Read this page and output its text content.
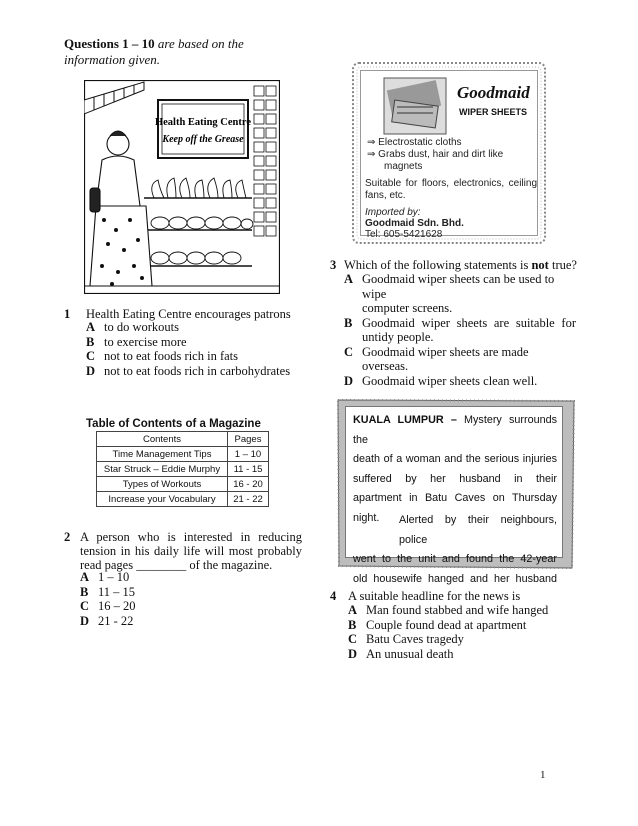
Questions 1 – 10 are based on the information given.
Health Eating Centre
Keep off the Grease
1 Health Eating Centre encourages patrons
A to do workouts
B to exercise more
C not to eat foods rich in fats
D not to eat foods rich in carbohydrates
Table of Contents of a Magazine
Contents	Pages
Time Management Tips	1 – 10
Star Struck – Eddie Murphy	11 - 15
Types of Workouts	16 - 20
Increase your Vocabulary	21 - 22
2 A person who is interested in reducing
tension in his daily life will most probably
read pages ________ of the magazine.
A 1 – 10
B 11 – 15
C 16 – 20
D 21 - 22
Goodmaid
WIPER SHEETS
⇒ Electrostatic cloths
⇒ Grabs dust, hair and dirt like
magnets
Suitable for floors, electronics, ceiling
fans, etc.
Imported by:
Goodmaid Sdn. Bhd.
Tel: 605-5421628
3 Which of the following statements is not true?
A Goodmaid wiper sheets can be used to wipe
computer screens.
B Goodmaid wiper sheets are suitable for
untidy people.
C Goodmaid wiper sheets are made overseas.
D Goodmaid wiper sheets clean well.
KUALA LUMPUR – Mystery surrounds the
death of a woman and the serious injuries
suffered by her husband in their
apartment in Batu Caves on Thursday
night.	Alerted by their neighbours, police
went to the unit and found the 42-year
old housewife hanged and her husband
4 A suitable headline for the news is
A Man found stabbed and wife hanged
B Couple found dead at apartment
C Batu Caves tragedy
D An unusual death
1
